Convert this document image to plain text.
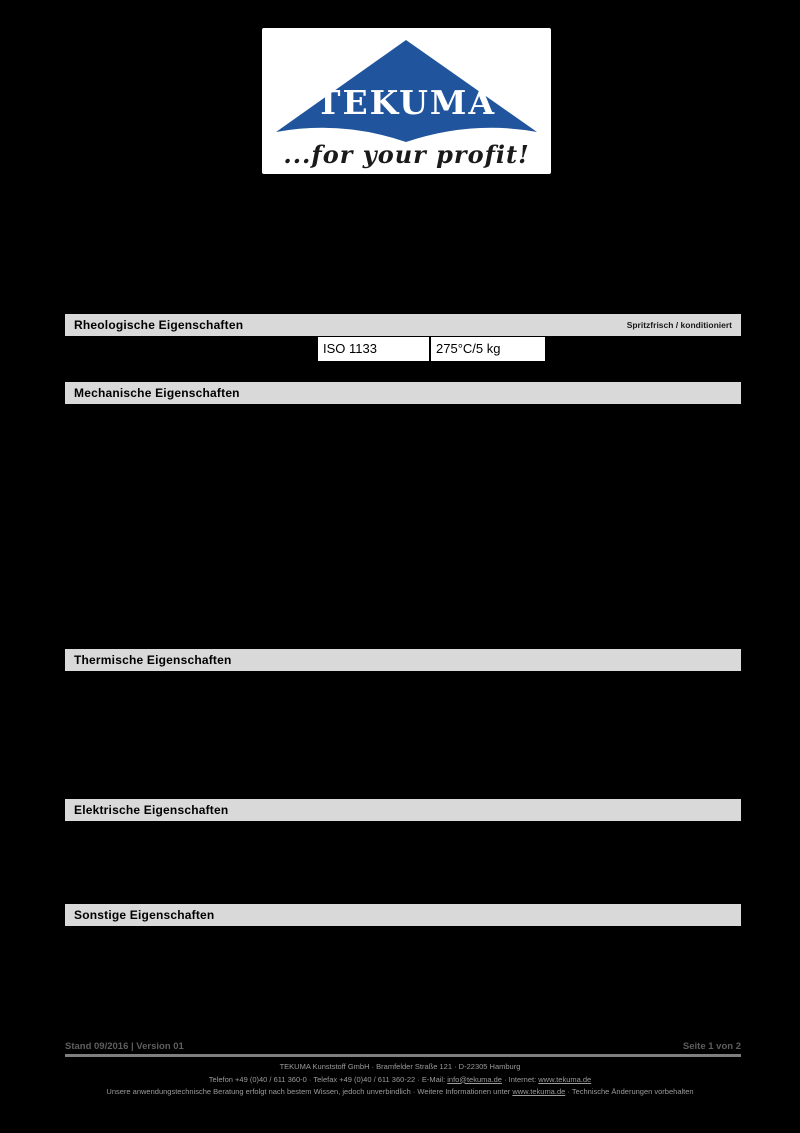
TEKUMA
...for your profit!
Rheologische Eigenschaften	Spritzfrisch / konditioniert
ISO 1133	275°C/5 kg
Mechanische Eigenschaften
Thermische Eigenschaften
Elektrische Eigenschaften
Sonstige Eigenschaften
Stand 09/2016 | Version 01	Seite 1 von 2
TEKUMA Kunststoff GmbH · Bramfelder Straße 121 · D-22305 Hamburg
Telefon +49 (0)40 / 611 360-0 · Telefax +49 (0)40 / 611 360-22 · E-Mail: info@tekuma.de · Internet: www.tekuma.de
Unsere anwendungstechnische Beratung erfolgt nach bestem Wissen, jedoch unverbindlich · Weitere Informationen unter www.tekuma.de · Technische Änderungen vorbehalten
